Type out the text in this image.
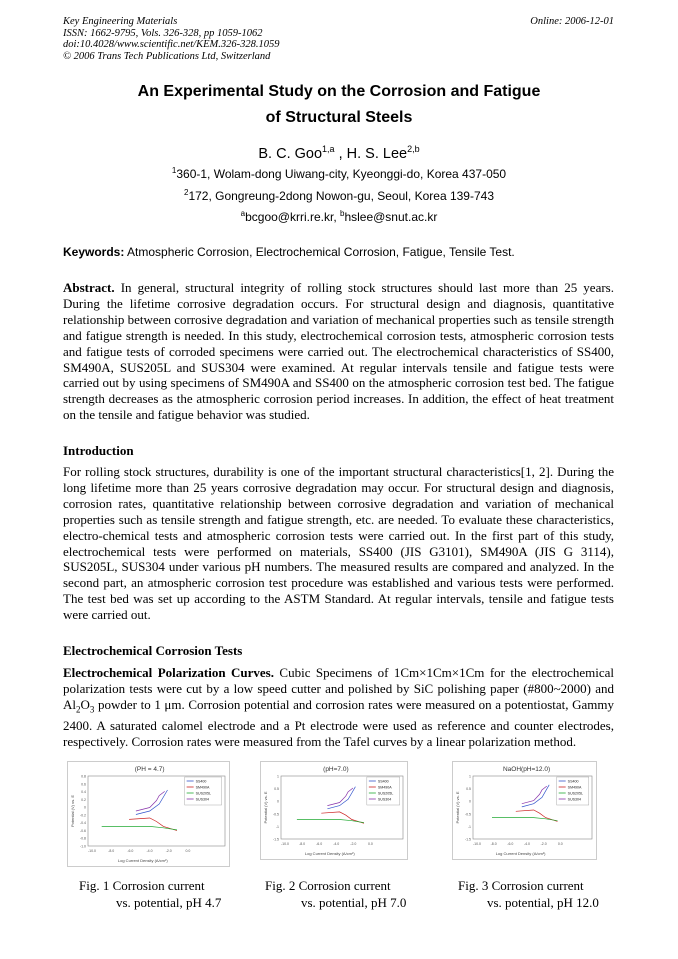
Key Engineering Materials
ISSN: 1662-9795, Vols. 326-328, pp 1059-1062
doi:10.4028/www.scientific.net/KEM.326-328.1059
© 2006 Trans Tech Publications Ltd, Switzerland
Online: 2006-12-01
An Experimental Study on the Corrosion and Fatigue
of Structural Steels
B. C. Goo$^{1,a}$ , H. S. Lee$^{2,b}$
$^1$360-1, Wolam-dong Uiwang-city, Kyeonggi-do, Korea 437-050
$^2$172, Gongreung-2dong Nowon-gu, Seoul, Korea 139-743
$^a$bcgoo@krri.re.kr, $^b$hslee@snut.ac.kr
Keywords: Atmospheric Corrosion, Electrochemical Corrosion, Fatigue, Tensile Test.
Abstract. In general, structural integrity of rolling stock structures should last more than 25 years. During the lifetime corrosive degradation occurs. For structural design and diagnosis, quantitative relationship between corrosive degradation and variation of mechanical properties such as tensile strength and fatigue strength is needed. In this study, electrochemical corrosion tests, atmospheric corrosion tests and fatigue tests of corroded specimens were carried out. The electrochemical characteristics of SS400, SM490A, SUS205L and SUS304 were examined. At regular intervals tensile and fatigue tests were carried out by using specimens of SM490A and SS400 on the atmospheric corrosion test bed. The fatigue strength decreases as the atmospheric corrosion period increases. In addition, the effect of heat treatment on the tensile and fatigue behavior was studied.
Introduction
For rolling stock structures, durability is one of the important structural characteristics[1, 2]. During the long lifetime more than 25 years corrosive degradation may occur. For structural design and diagnosis, corrosion rates, quantitative relationship between corrosive degradation and variation of mechanical properties such as tensile strength and fatigue strength, etc. are needed. To evaluate these characteristics, electro-chemical tests and atmospheric corrosion tests were carried out. In the first part of this study, electrochemical tests were performed on materials, SS400 (JIS G3101), SM490A (JIS G 3114), SUS205L, SUS304 under various pH numbers. The measured results are compared and analyzed. In the second part, an atmospheric corrosion test procedure was established and various tests were performed. The test bed was set up according to the ASTM Standard. At regular intervals, tensile and fatigue tests were carried out.
Electrochemical Corrosion Tests
Electrochemical Polarization Curves. Cubic Specimens of 1Cm×1Cm×1Cm for the electrochemical polarization tests were cut by a low speed cutter and polished by SiC polishing paper (#800~2000) and $Al_2O_3$ powder to 1 μm. Corrosion potential and corrosion rates were measured on a potentiostat, Gammy 2400. A saturated calomel electrode and a Pt electrode were used as reference and counter electrodes, respectively. Corrosion rates were measured from the Tafel curves by a linear polarization method.
(PH = 4.7)
0.8
0.6
0.4
0.2
0
-0.2
-0.4
-0.6
-0.8
-1.0
-10.0	-8.0	-6.0	-4.0	-2.0	0.0
Log Current Density (A/cm²)
Potential (V) vs. E
SS400
SM490A
SUS205L
SUS304
(pH=7.0)
1
0.5
0
-0.5
-1
-1.5
-10.0	-8.0	-6.0	-4.0	-2.0	0.0
Log Current Density (A/cm²)
Potential (V) vs. E
SS400
SM490A
SUS205L
SUS304
NaOH(pH=12.0)
1
0.5
0
-0.5
-1
-1.5
-10.0	-8.0	-6.0	-4.0	-2.0	0.0
Log Current Density (A/cm²)
Potential (V) vs. E
SS400
SM490A
SUS205L
SUS304
Fig. 1 Corrosion current
vs. potential, pH 4.7
Fig. 2 Corrosion current
vs. potential, pH 7.0
Fig. 3 Corrosion current
vs. potential, pH 12.0
